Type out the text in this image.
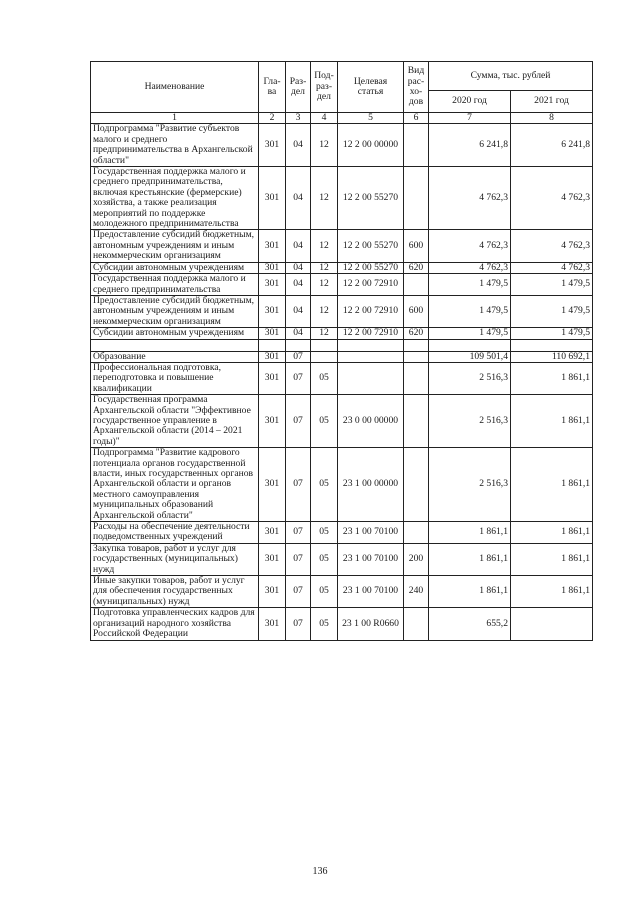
Наименование	Гла-ва	Раз-дел	Под-раз-дел	Целевая статья	Вид рас-хо-дов	Сумма, тыс. рублей	
						2020 год	2021 год
1	2	3	4	5	6	7	8
Подпрограмма "Развитие субъектов малого и среднего предпринимательства в Архангельской области"	301	04	12	12 2 00 00000		6 241,8	6 241,8
Государственная поддержка малого и среднего предпринимательства, включая крестьянские (фермерские) хозяйства, а также реализация мероприятий по поддержке молодежного предпринимательства	301	04	12	12 2 00 55270		4 762,3	4 762,3
Предоставление субсидий бюджетным, автономным учреждениям и иным некоммерческим организациям	301	04	12	12 2 00 55270	600	4 762,3	4 762,3
Субсидии автономным учреждениям	301	04	12	12 2 00 55270	620	4 762,3	4 762,3
Государственная поддержка малого и среднего предпринимательства	301	04	12	12 2 00 72910		1 479,5	1 479,5
Предоставление субсидий бюджетным, автономным учреждениям и иным некоммерческим организациям	301	04	12	12 2 00 72910	600	1 479,5	1 479,5
Субсидии автономным учреждениям	301	04	12	12 2 00 72910	620	1 479,5	1 479,5

Образование	301	07				109 501,4	110 692,1
Профессиональная подготовка, переподготовка и повышение квалификации	301	07	05			2 516,3	1 861,1
Государственная программа Архангельской области "Эффективное государственное управление в Архангельской области (2014 – 2021 годы)"	301	07	05	23 0 00 00000		2 516,3	1 861,1
Подпрограмма "Развитие кадрового потенциала органов государственной власти, иных государственных органов Архангельской области и органов местного самоуправления муниципальных образований Архангельской области"	301	07	05	23 1 00 00000		2 516,3	1 861,1
Расходы на обеспечение деятельности подведомственных учреждений	301	07	05	23 1 00 70100		1 861,1	1 861,1
Закупка товаров, работ и услуг для государственных (муниципальных) нужд	301	07	05	23 1 00 70100	200	1 861,1	1 861,1
Иные закупки товаров, работ и услуг для обеспечения государственных (муниципальных) нужд	301	07	05	23 1 00 70100	240	1 861,1	1 861,1
Подготовка управленческих кадров для организаций народного хозяйства Российской Федерации	301	07	05	23 1 00 R0660		655,2	
136
